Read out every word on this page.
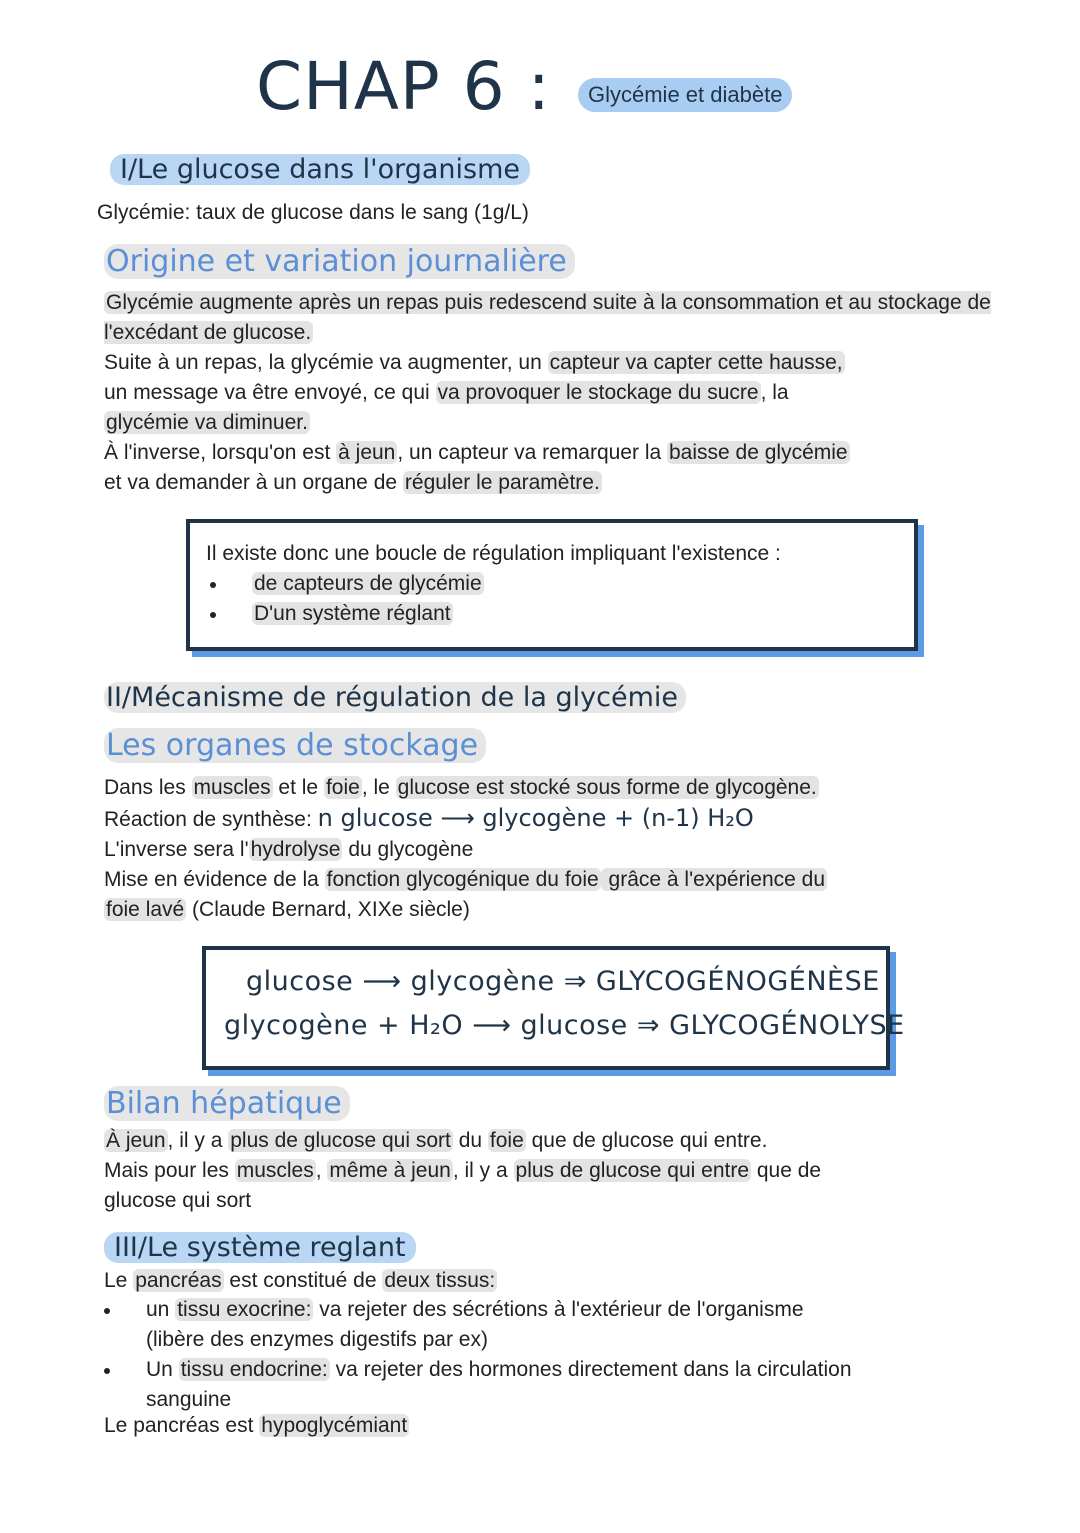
CHAP 6 :	Glycémie et diabète
I/Le glucose dans l'organisme
Glycémie: taux de glucose dans le sang (1g/L)
Origine et variation journalière
Glycémie augmente après un repas puis redescend suite à la consommation et au stockage de l'excédant de glucose.
Suite à un repas, la glycémie va augmenter, un capteur va capter cette hausse,
un message va être envoyé, ce qui va provoquer le stockage du sucre, la
glycémie va diminuer.
À l'inverse, lorsqu'on est à jeun, un capteur va remarquer la baisse de glycémie
et va demander à un organe de réguler le paramètre.
Il existe donc une boucle de régulation impliquant l'existence :
de capteurs de glycémie
D'un système réglant
II/Mécanisme de régulation de la glycémie
Les organes de stockage
Dans les muscles et le foie, le glucose est stocké sous forme de glycogène.
Réaction de synthèse: n glucose ⟶ glycogène + (n-1) H₂O
L'inverse sera l'hydrolyse du glycogène
Mise en évidence de la fonction glycogénique du foie grâce à l'expérience du
foie lavé (Claude Bernard, XIXe siècle)
glucose ⟶ glycogène ⇒ GLYCOGÉNOGÉNÈSE
glycogène + H₂O ⟶ glucose ⇒ GLYCOGÉNOLYSE
Bilan hépatique
À jeun, il y a plus de glucose qui sort du foie que de glucose qui entre.
Mais pour les muscles, même à jeun, il y a plus de glucose qui entre que de
glucose qui sort
III/Le système reglant
Le pancréas est constitué de deux tissus:
un tissu exocrine: va rejeter des sécrétions à l'extérieur de l'organisme
(libère des enzymes digestifs par ex)
Un tissu endocrine: va rejeter des hormones directement dans la circulation
sanguine
Le pancréas est hypoglycémiant
